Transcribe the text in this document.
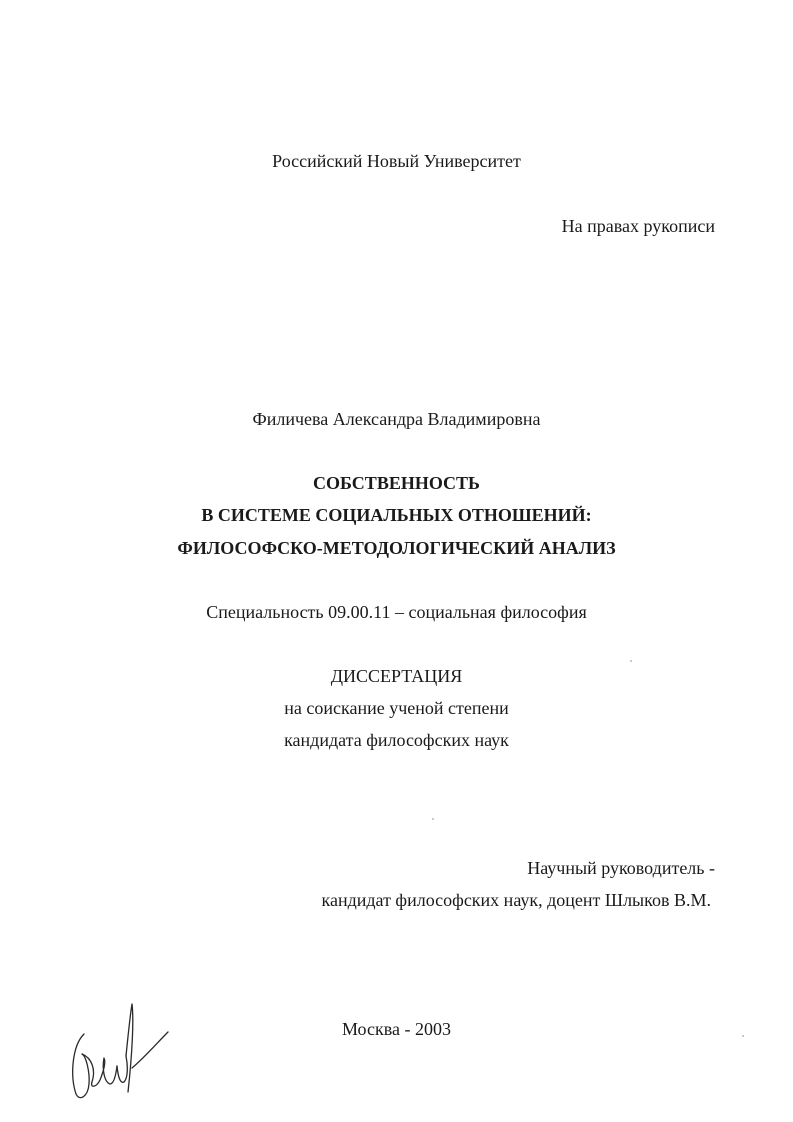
Российский Новый Университет
На правах рукописи
Филичева Александра Владимировна
СОБСТВЕННОСТЬ
В СИСТЕМЕ СОЦИАЛЬНЫХ ОТНОШЕНИЙ:
ФИЛОСОФСКО-МЕТОДОЛОГИЧЕСКИЙ АНАЛИЗ
Специальность 09.00.11 – социальная философия
ДИССЕРТАЦИЯ
на соискание ученой степени
кандидата философских наук
Научный руководитель -
кандидат философских наук, доцент Шлыков В.М.
Москва - 2003
